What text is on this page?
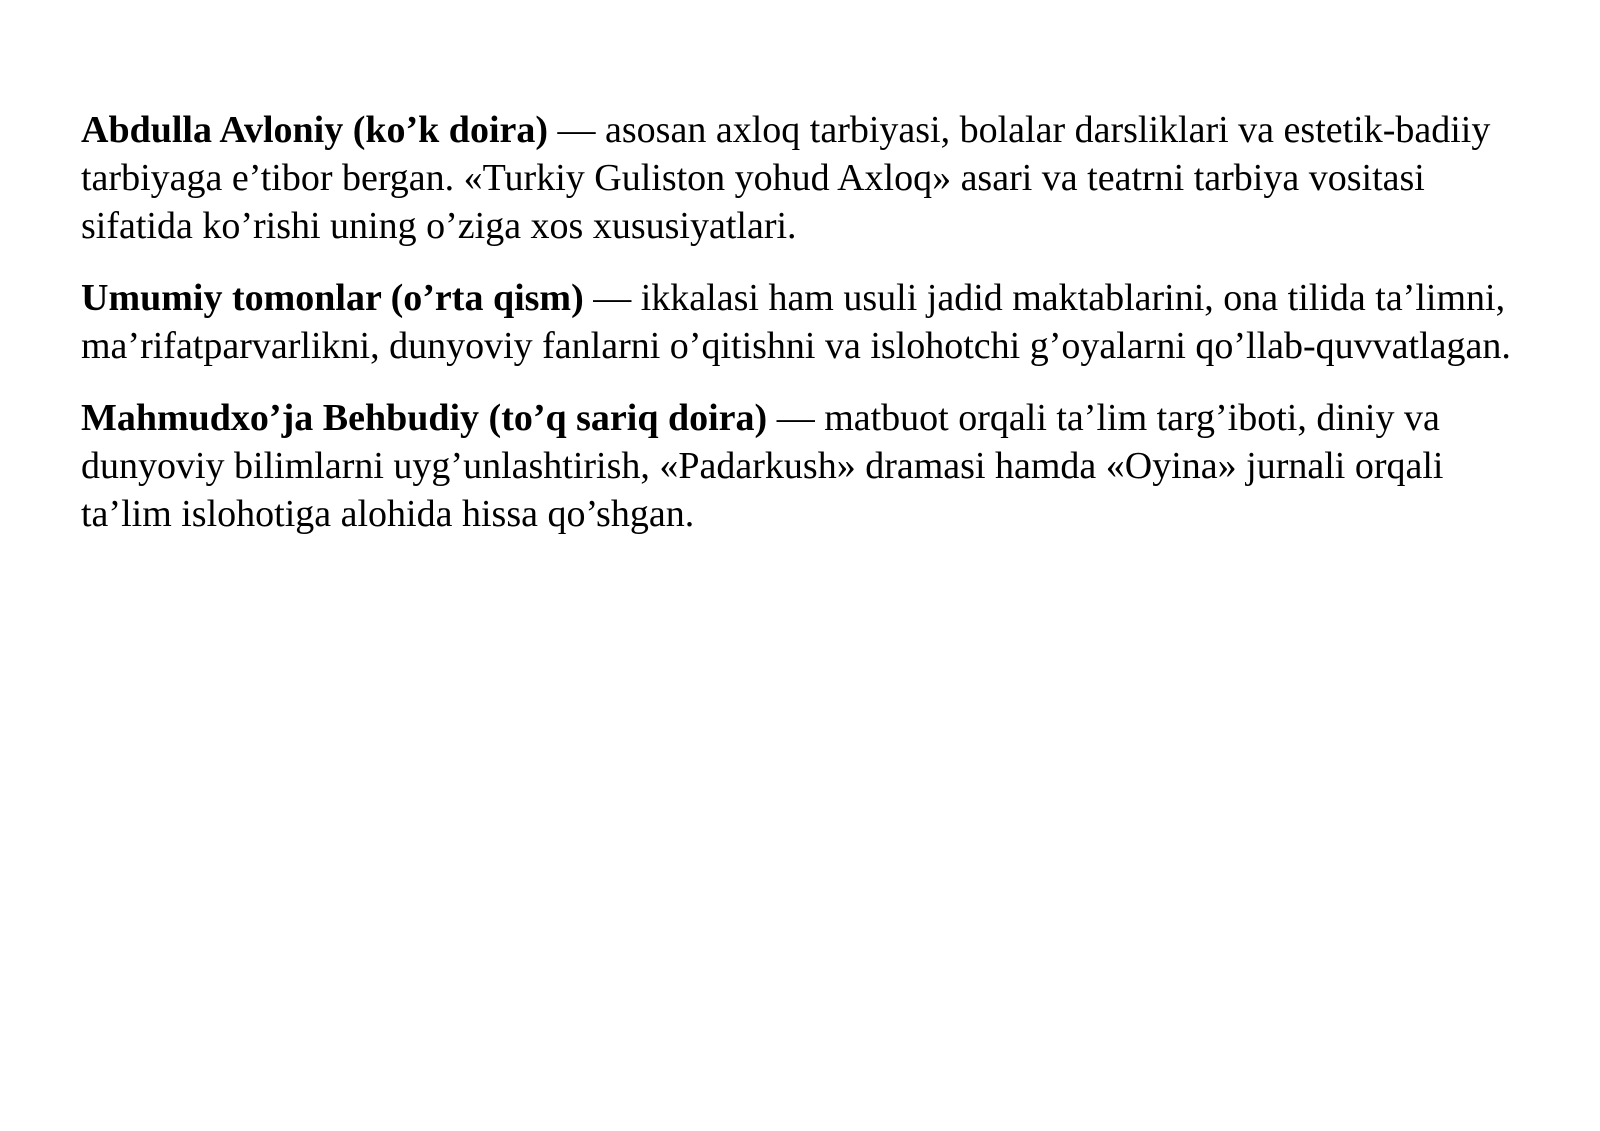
Abdulla Avloniy (ko’k doira) — asosan axloq tarbiyasi, bolalar darsliklari va estetik-badiiy tarbiyaga e’tibor bergan. «Turkiy Guliston yohud Axloq» asari va teatrni tarbiya vositasi sifatida ko’rishi uning o’ziga xos xususiyatlari.

Umumiy tomonlar (o’rta qism) — ikkalasi ham usuli jadid maktablarini, ona tilida ta’limni, ma’rifatparvarlikni, dunyoviy fanlarni o’qitishni va islohotchi g’oyalarni qo’llab-quvvatlagan.

Mahmudxo’ja Behbudiy (to’q sariq doira) — matbuot orqali ta’lim targ’iboti, diniy va dunyoviy bilimlarni uyg’unlashtirish, «Padarkush» dramasi hamda «Oyina» jurnali orqali ta’lim islohotiga alohida hissa qo’shgan.
